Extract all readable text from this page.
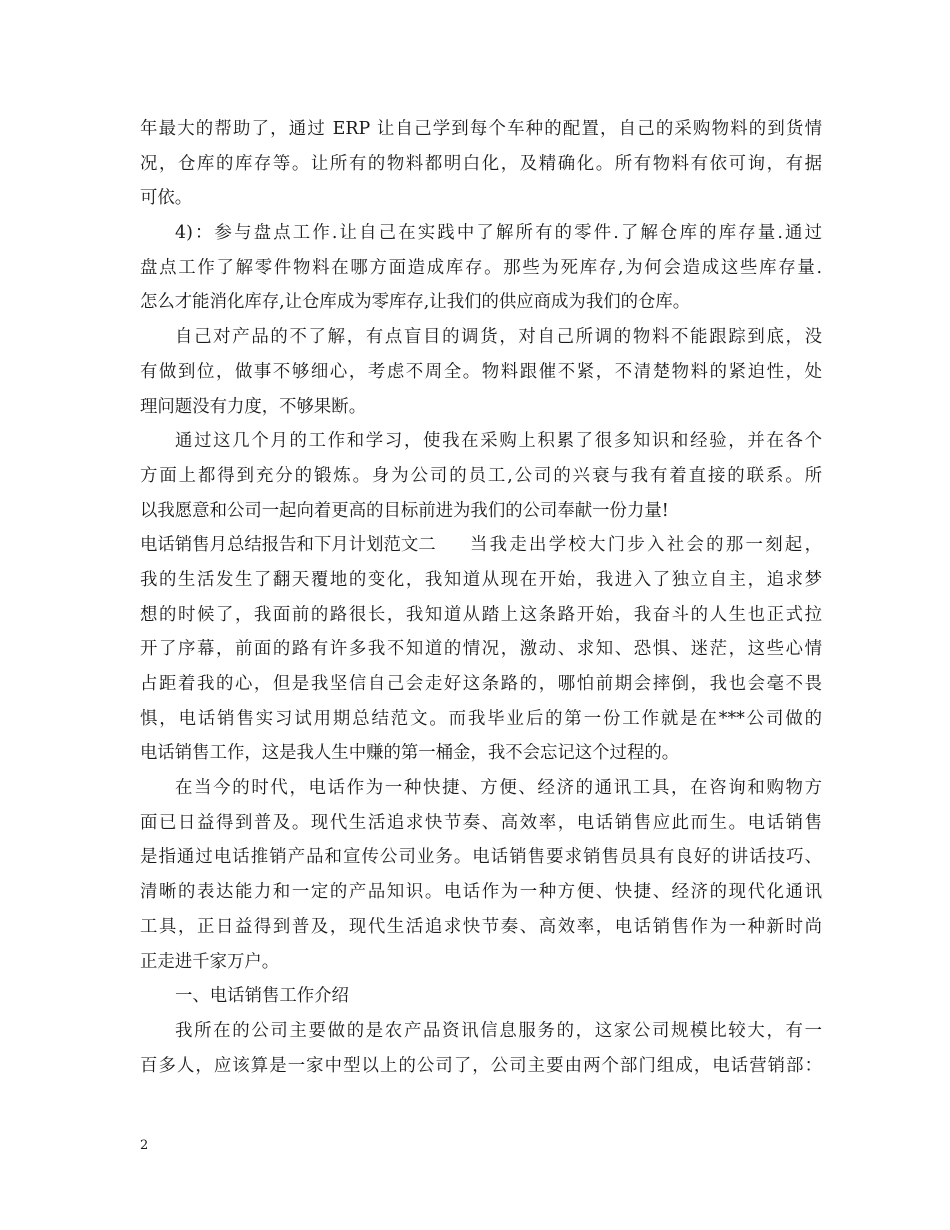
年最大的帮助了，通过 ERP 让自己学到每个车种的配置，自己的采购物料的到货情
况，仓库的库存等。让所有的物料都明白化，及精确化。所有物料有依可询，有据
可依。
4)：参与盘点工作.让自己在实践中了解所有的零件.了解仓库的库存量.通过
盘点工作了解零件物料在哪方面造成库存。那些为死库存,为何会造成这些库存量.
怎么才能消化库存,让仓库成为零库存,让我们的供应商成为我们的仓库。
自己对产品的不了解，有点盲目的调货，对自己所调的物料不能跟踪到底，没
有做到位，做事不够细心，考虑不周全。物料跟催不紧，不清楚物料的紧迫性，处
理问题没有力度，不够果断。
通过这几个月的工作和学习，使我在采购上积累了很多知识和经验，并在各个
方面上都得到充分的锻炼。身为公司的员工,公司的兴衰与我有着直接的联系。所
以我愿意和公司一起向着更高的目标前进为我们的公司奉献一份力量!
电话销售月总结报告和下月计划范文二	当我走出学校大门步入社会的那一刻起，
我的生活发生了翻天覆地的变化，我知道从现在开始，我进入了独立自主，追求梦
想的时候了，我面前的路很长，我知道从踏上这条路开始，我奋斗的人生也正式拉
开了序幕，前面的路有许多我不知道的情况，激动、求知、恐惧、迷茫，这些心情
占距着我的心，但是我坚信自己会走好这条路的，哪怕前期会摔倒，我也会毫不畏
惧，电话销售实习试用期总结范文。而我毕业后的第一份工作就是在***公司做的
电话销售工作，这是我人生中赚的第一桶金，我不会忘记这个过程的。
在当今的时代，电话作为一种快捷、方便、经济的通讯工具，在咨询和购物方
面已日益得到普及。现代生活追求快节奏、高效率，电话销售应此而生。电话销售
是指通过电话推销产品和宣传公司业务。电话销售要求销售员具有良好的讲话技巧、
清晰的表达能力和一定的产品知识。电话作为一种方便、快捷、经济的现代化通讯
工具，正日益得到普及，现代生活追求快节奏、高效率，电话销售作为一种新时尚
正走进千家万户。
一、电话销售工作介绍
我所在的公司主要做的是农产品资讯信息服务的，这家公司规模比较大，有一
百多人，应该算是一家中型以上的公司了，公司主要由两个部门组成，电话营销部：
2
